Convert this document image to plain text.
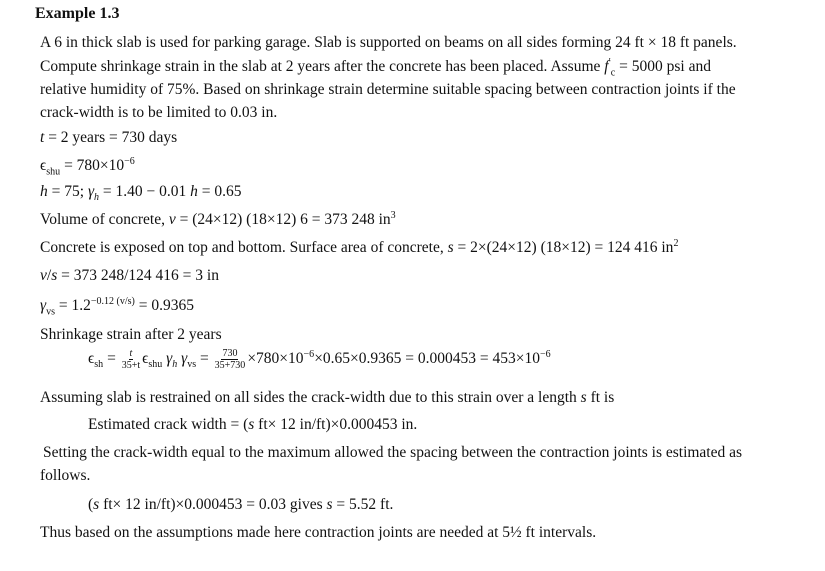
Example 1.3
A 6 in thick slab is used for parking garage. Slab is supported on beams on all sides forming 24 ft × 18 ft panels.
Compute shrinkage strain in the slab at 2 years after the concrete has been placed. Assume $f'_c = 5000$ psi and
relative humidity of 75%. Based on shrinkage strain determine suitable spacing between contraction joints if the
crack-width is to be limited to 0.03 in.
t = 2 years = 730 days
$\epsilon_{shu} = 780\times 10^{-6}$
h = 75; $\gamma_h = 1.40 - 0.01$ h = 0.65
Volume of concrete, v = (24×12) (18×12) 6 = 373 248 $in^3$
Concrete is exposed on top and bottom. Surface area of concrete, s = 2×(24×12) (18×12) = 124 416 $in^2$
v/s = 373 248/124 416 = 3 in
$\gamma_{vs} = 1.2^{-0.12 (v/s)} = 0.9365$
Shrinkage strain after 2 years
$\epsilon_{sh} = \frac{t}{35+t} \epsilon_{shu}$ $\gamma_h$ $\gamma_{vs} = \frac{730}{35+730} \times 780\times 10^{-6}\times 0.65\times 0.9365 = 0.000453 = 453\times 10^{-6}$
Assuming slab is restrained on all sides the crack-width due to this strain over a length s ft is
Estimated crack width = (s ft× 12 in/ft)×0.000453 in.
Setting the crack-width equal to the maximum allowed the spacing between the contraction joints is estimated as
follows.
(s ft× 12 in/ft)×0.000453 = 0.03 gives s = 5.52 ft.
Thus based on the assumptions made here contraction joints are needed at 5½ ft intervals.
